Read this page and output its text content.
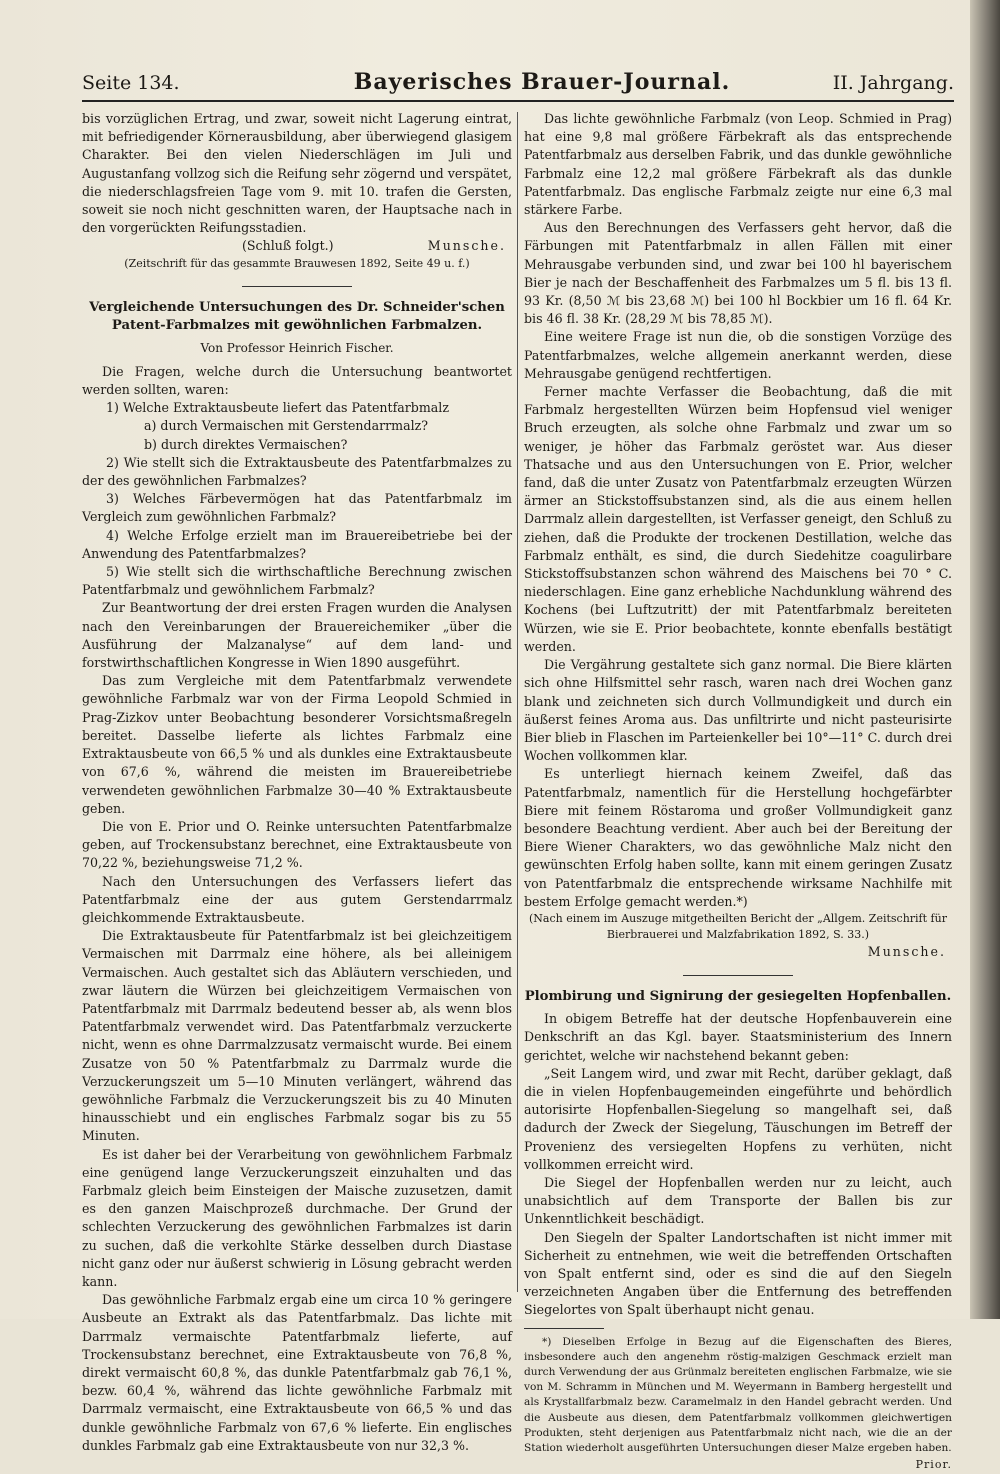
Seite 134.	Bayerisches Brauer-Journal.	II. Jahrgang.

bis vorzüglichen Ertrag, und zwar, soweit nicht Lagerung eintrat, mit befriedigender Körnerausbildung, aber überwiegend glasigem Charakter. Bei den vielen Niederschlägen im Juli und Augustanfang vollzog sich die Reifung sehr zögernd und verspätet, die niederschlagsfreien Tage vom 9. mit 10. trafen die Gersten, soweit sie noch nicht geschnitten waren, der Hauptsache nach in den vorgerückten Reifungsstadien.

(Schluß folgt.)	Munsche.

(Zeitschrift für das gesammte Brauwesen 1892, Seite 49 u. f.)

Vergleichende Untersuchungen des Dr. Schneider'schen Patent-Farbmalzes mit gewöhnlichen Farbmalzen.
Von Professor Heinrich Fischer.

Die Fragen, welche durch die Untersuchung beantwortet werden sollten, waren:

1) Welche Extraktausbeute liefert das Patentfarbmalz

a) durch Vermaischen mit Gerstendarrmalz?

b) durch direktes Vermaischen?

2) Wie stellt sich die Extraktausbeute des Patentfarbmalzes zu der des gewöhnlichen Farbmalzes?

3) Welches Färbevermögen hat das Patentfarbmalz im Vergleich zum gewöhnlichen Farbmalz?

4) Welche Erfolge erzielt man im Brauereibetriebe bei der Anwendung des Patentfarbmalzes?

5) Wie stellt sich die wirthschaftliche Berechnung zwischen Patentfarbmalz und gewöhnlichem Farbmalz?

Zur Beantwortung der drei ersten Fragen wurden die Analysen nach den Vereinbarungen der Brauereichemiker „über die Ausführung der Malzanalyse“ auf dem land- und forstwirthschaftlichen Kongresse in Wien 1890 ausgeführt.

Das zum Vergleiche mit dem Patentfarbmalz verwendete gewöhnliche Farbmalz war von der Firma Leopold Schmied in Prag-Zizkov unter Beobachtung besonderer Vorsichtsmaßregeln bereitet. Dasselbe lieferte als lichtes Farbmalz eine Extraktausbeute von 66,5 % und als dunkles eine Extraktausbeute von 67,6 %, während die meisten im Brauereibetriebe verwendeten gewöhnlichen Farbmalze 30—40 % Extraktausbeute geben.

Die von E. Prior und O. Reinke untersuchten Patentfarbmalze geben, auf Trockensubstanz berechnet, eine Extraktausbeute von 70,22 %, beziehungsweise 71,2 %.

Nach den Untersuchungen des Verfassers liefert das Patentfarbmalz eine der aus gutem Gerstendarrmalz gleichkommende Extraktausbeute.

Die Extraktausbeute für Patentfarbmalz ist bei gleichzeitigem Vermaischen mit Darrmalz eine höhere, als bei alleinigem Vermaischen. Auch gestaltet sich das Abläutern verschieden, und zwar läutern die Würzen bei gleichzeitigem Vermaischen von Patentfarbmalz mit Darrmalz bedeutend besser ab, als wenn blos Patentfarbmalz verwendet wird. Das Patentfarbmalz verzuckerte nicht, wenn es ohne Darrmalzzusatz vermaischt wurde. Bei einem Zusatze von 50 % Patentfarbmalz zu Darrmalz wurde die Verzuckerungszeit um 5—10 Minuten verlängert, während das gewöhnliche Farbmalz die Verzuckerungszeit bis zu 40 Minuten hinausschiebt und ein englisches Farbmalz sogar bis zu 55 Minuten.

Es ist daher bei der Verarbeitung von gewöhnlichem Farbmalz eine genügend lange Verzuckerungszeit einzuhalten und das Farbmalz gleich beim Einsteigen der Maische zuzusetzen, damit es den ganzen Maischprozeß durchmache. Der Grund der schlechten Verzuckerung des gewöhnlichen Farbmalzes ist darin zu suchen, daß die verkohlte Stärke desselben durch Diastase nicht ganz oder nur äußerst schwierig in Lösung gebracht werden kann.

Das gewöhnliche Farbmalz ergab eine um circa 10 % geringere Ausbeute an Extrakt als das Patentfarbmalz. Das lichte mit Darrmalz vermaischte Patentfarbmalz lieferte, auf Trockensubstanz berechnet, eine Extraktausbeute von 76,8 %, direkt vermaischt 60,8 %, das dunkle Patentfarbmalz gab 76,1 %, bezw. 60,4 %, während das lichte gewöhnliche Farbmalz mit Darrmalz vermaischt, eine Extraktausbeute von 66,5 % und das dunkle gewöhnliche Farbmalz von 67,6 % lieferte. Ein englisches dunkles Farbmalz gab eine Extraktausbeute von nur 32,3 %.

Das lichte gewöhnliche Farbmalz (von Leop. Schmied in Prag) hat eine 9,8 mal größere Färbekraft als das entsprechende Patentfarbmalz aus derselben Fabrik, und das dunkle gewöhnliche Farbmalz eine 12,2 mal größere Färbekraft als das dunkle Patentfarbmalz. Das englische Farbmalz zeigte nur eine 6,3 mal stärkere Farbe.

Aus den Berechnungen des Verfassers geht hervor, daß die Färbungen mit Patentfarbmalz in allen Fällen mit einer Mehrausgabe verbunden sind, und zwar bei 100 hl bayerischem Bier je nach der Beschaffenheit des Farbmalzes um 5 fl. bis 13 fl. 93 Kr. (8,50 ℳ bis 23,68 ℳ) bei 100 hl Bockbier um 16 fl. 64 Kr. bis 46 fl. 38 Kr. (28,29 ℳ bis 78,85 ℳ).

Eine weitere Frage ist nun die, ob die sonstigen Vorzüge des Patentfarbmalzes, welche allgemein anerkannt werden, diese Mehrausgabe genügend rechtfertigen.

Ferner machte Verfasser die Beobachtung, daß die mit Farbmalz hergestellten Würzen beim Hopfensud viel weniger Bruch erzeugten, als solche ohne Farbmalz und zwar um so weniger, je höher das Farbmalz geröstet war. Aus dieser Thatsache und aus den Untersuchungen von E. Prior, welcher fand, daß die unter Zusatz von Patentfarbmalz erzeugten Würzen ärmer an Stickstoffsubstanzen sind, als die aus einem hellen Darrmalz allein dargestellten, ist Verfasser geneigt, den Schluß zu ziehen, daß die Produkte der trockenen Destillation, welche das Farbmalz enthält, es sind, die durch Siedehitze coagulirbare Stickstoffsubstanzen schon während des Maischens bei 70 ° C. niederschlagen. Eine ganz erhebliche Nachdunklung während des Kochens (bei Luftzutritt) der mit Patentfarbmalz bereiteten Würzen, wie sie E. Prior beobachtete, konnte ebenfalls bestätigt werden.

Die Vergährung gestaltete sich ganz normal. Die Biere klärten sich ohne Hilfsmittel sehr rasch, waren nach drei Wochen ganz blank und zeichneten sich durch Vollmundigkeit und durch ein äußerst feines Aroma aus. Das unfiltrirte und nicht pasteurisirte Bier blieb in Flaschen im Parteienkeller bei 10°—11° C. durch drei Wochen vollkommen klar.

Es unterliegt hiernach keinem Zweifel, daß das Patentfarbmalz, namentlich für die Herstellung hochgefärbter Biere mit feinem Röstaroma und großer Vollmundigkeit ganz besondere Beachtung verdient. Aber auch bei der Bereitung der Biere Wiener Charakters, wo das gewöhnliche Malz nicht den gewünschten Erfolg haben sollte, kann mit einem geringen Zusatz von Patentfarbmalz die entsprechende wirksame Nachhilfe mit bestem Erfolge gemacht werden.*)

(Nach einem im Auszuge mitgetheilten Bericht der „Allgem. Zeitschrift für Bierbrauerei und Malzfabrikation 1892, S. 33.)

Munsche.
Plombirung und Signirung der gesiegelten Hopfenballen.

In obigem Betreffe hat der deutsche Hopfenbauverein eine Denkschrift an das Kgl. bayer. Staatsministerium des Innern gerichtet, welche wir nachstehend bekannt geben:

„Seit Langem wird, und zwar mit Recht, darüber geklagt, daß die in vielen Hopfenbaugemeinden eingeführte und behördlich autorisirte Hopfenballen-Siegelung so mangelhaft sei, daß dadurch der Zweck der Siegelung, Täuschungen im Betreff der Provenienz des versiegelten Hopfens zu verhüten, nicht vollkommen erreicht wird.

Die Siegel der Hopfenballen werden nur zu leicht, auch unabsichtlich auf dem Transporte der Ballen bis zur Unkenntlichkeit beschädigt.

Den Siegeln der Spalter Landortschaften ist nicht immer mit Sicherheit zu entnehmen, wie weit die betreffenden Ortschaften von Spalt entfernt sind, oder es sind die auf den Siegeln verzeichneten Angaben über die Entfernung des betreffenden Siegelortes von Spalt überhaupt nicht genau.

*) Dieselben Erfolge in Bezug auf die Eigenschaften des Bieres, insbesondere auch den angenehm röstig-malzigen Geschmack erzielt man durch Verwendung der aus Grünmalz bereiteten englischen Farbmalze, wie sie von M. Schramm in München und M. Weyermann in Bamberg hergestellt und als Krystallfarbmalz bezw. Caramelmalz in den Handel gebracht werden. Und die Ausbeute aus diesen, dem Patentfarbmalz vollkommen gleichwertigen Produkten, steht derjenigen aus Patentfarbmalz nicht nach, wie die an der Station wiederholt ausgeführten Untersuchungen dieser Malze ergeben haben.

Prior.
